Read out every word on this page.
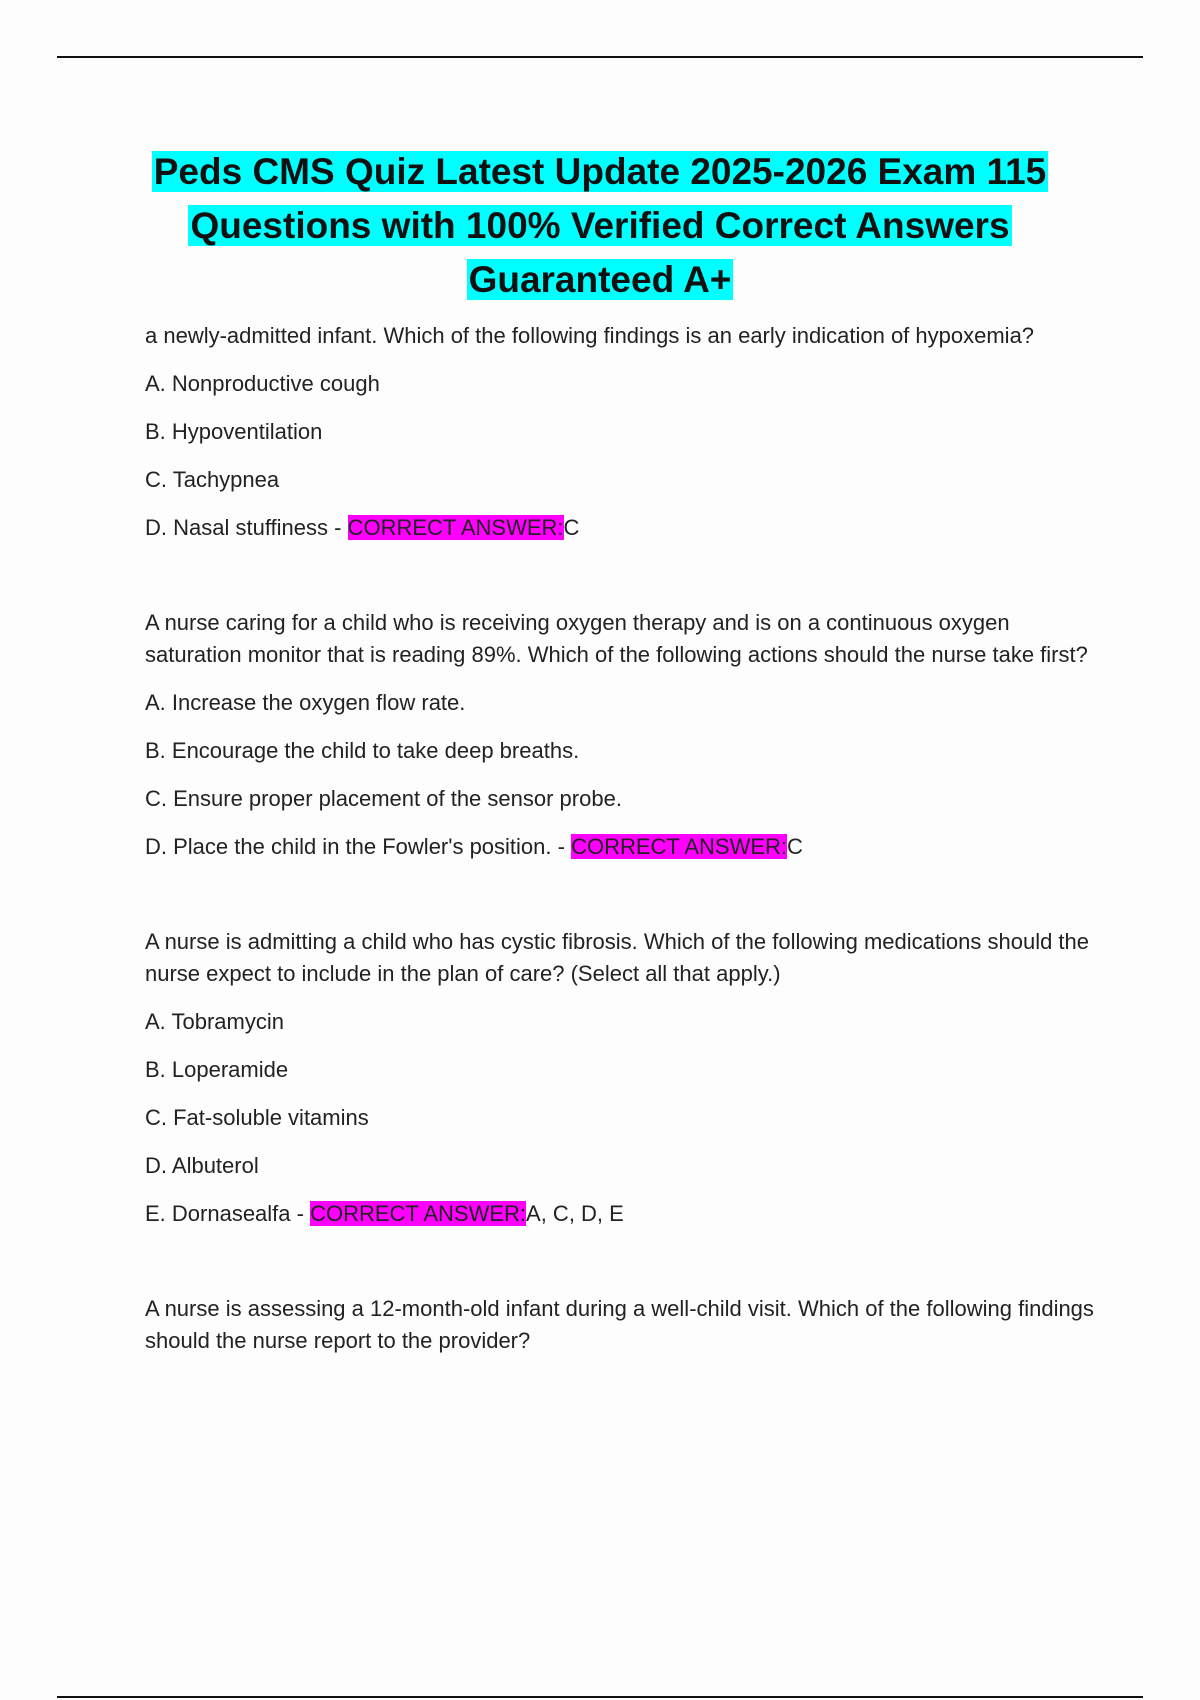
Peds CMS Quiz Latest Update 2025-2026 Exam 115 Questions with 100% Verified Correct Answers Guaranteed A+

a newly-admitted infant. Which of the following findings is an early indication of hypoxemia?

A. Nonproductive cough

B. Hypoventilation

C. Tachypnea

D. Nasal stuffiness - CORRECT ANSWER:C

A nurse caring for a child who is receiving oxygen therapy and is on a continuous oxygen saturation monitor that is reading 89%. Which of the following actions should the nurse take first?

A. Increase the oxygen flow rate.

B. Encourage the child to take deep breaths.

C. Ensure proper placement of the sensor probe.

D. Place the child in the Fowler's position. - CORRECT ANSWER:C

A nurse is admitting a child who has cystic fibrosis. Which of the following medications should the nurse expect to include in the plan of care? (Select all that apply.)

A. Tobramycin

B. Loperamide

C. Fat-soluble vitamins

D. Albuterol

E. Dornasealfa - CORRECT ANSWER:A, C, D, E

A nurse is assessing a 12-month-old infant during a well-child visit. Which of the following findings should the nurse report to the provider?
